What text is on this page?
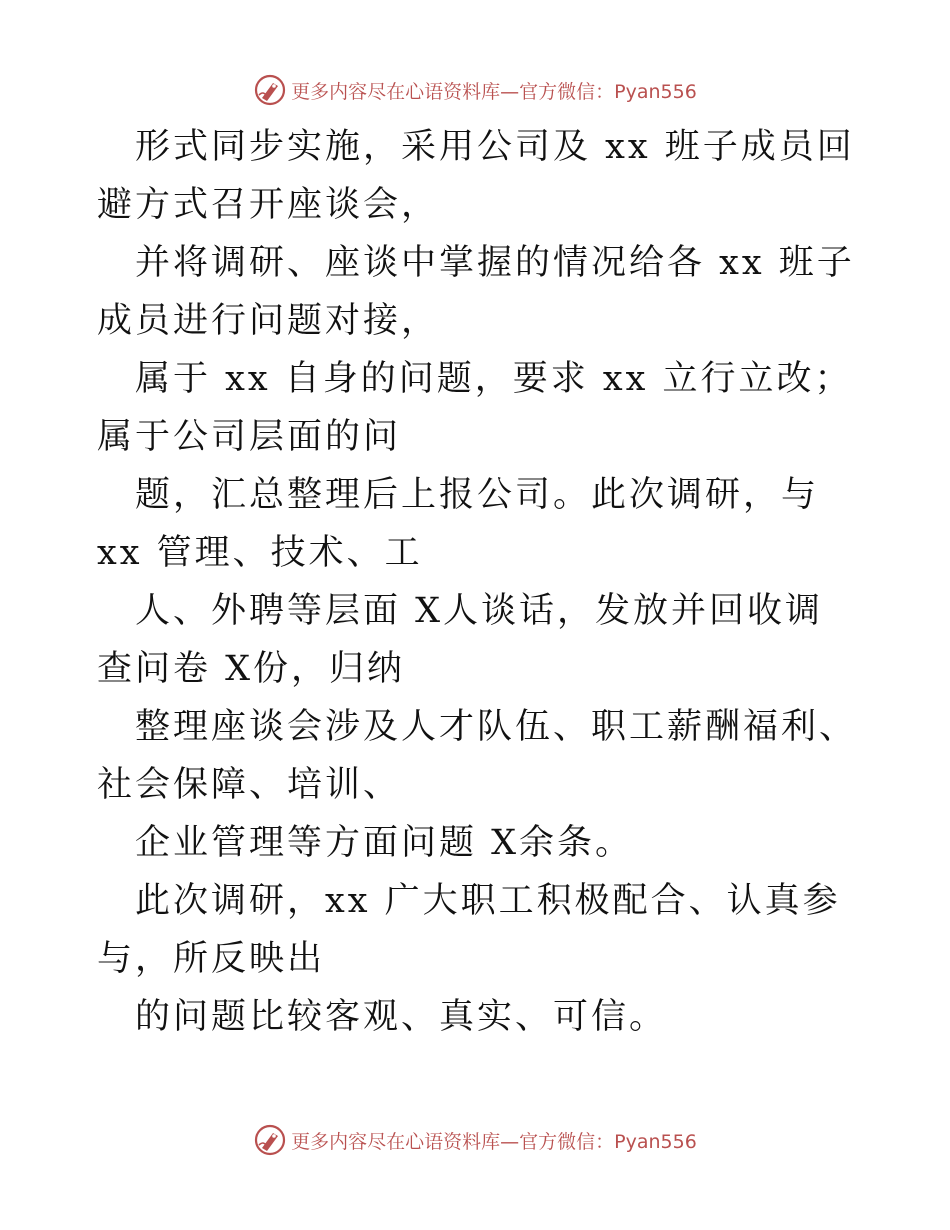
更多内容尽在心语资料库—官方微信：Pyan556

形式同步实施，采用公司及 xx 班子成员回避方式召开座谈会，

并将调研、座谈中掌握的情况给各 xx 班子成员进行问题对接，

属于 xx 自身的问题，要求 xx 立行立改；属于公司层面的问

题，汇总整理后上报公司。此次调研，与 xx 管理、技术、工

人、外聘等层面 X人谈话，发放并回收调查问卷 X份，归纳

整理座谈会涉及人才队伍、职工薪酬福利、社会保障、培训、

企业管理等方面问题 X余条。

此次调研，xx 广大职工积极配合、认真参与，所反映出

的问题比较客观、真实、可信。

更多内容尽在心语资料库—官方微信：Pyan556
